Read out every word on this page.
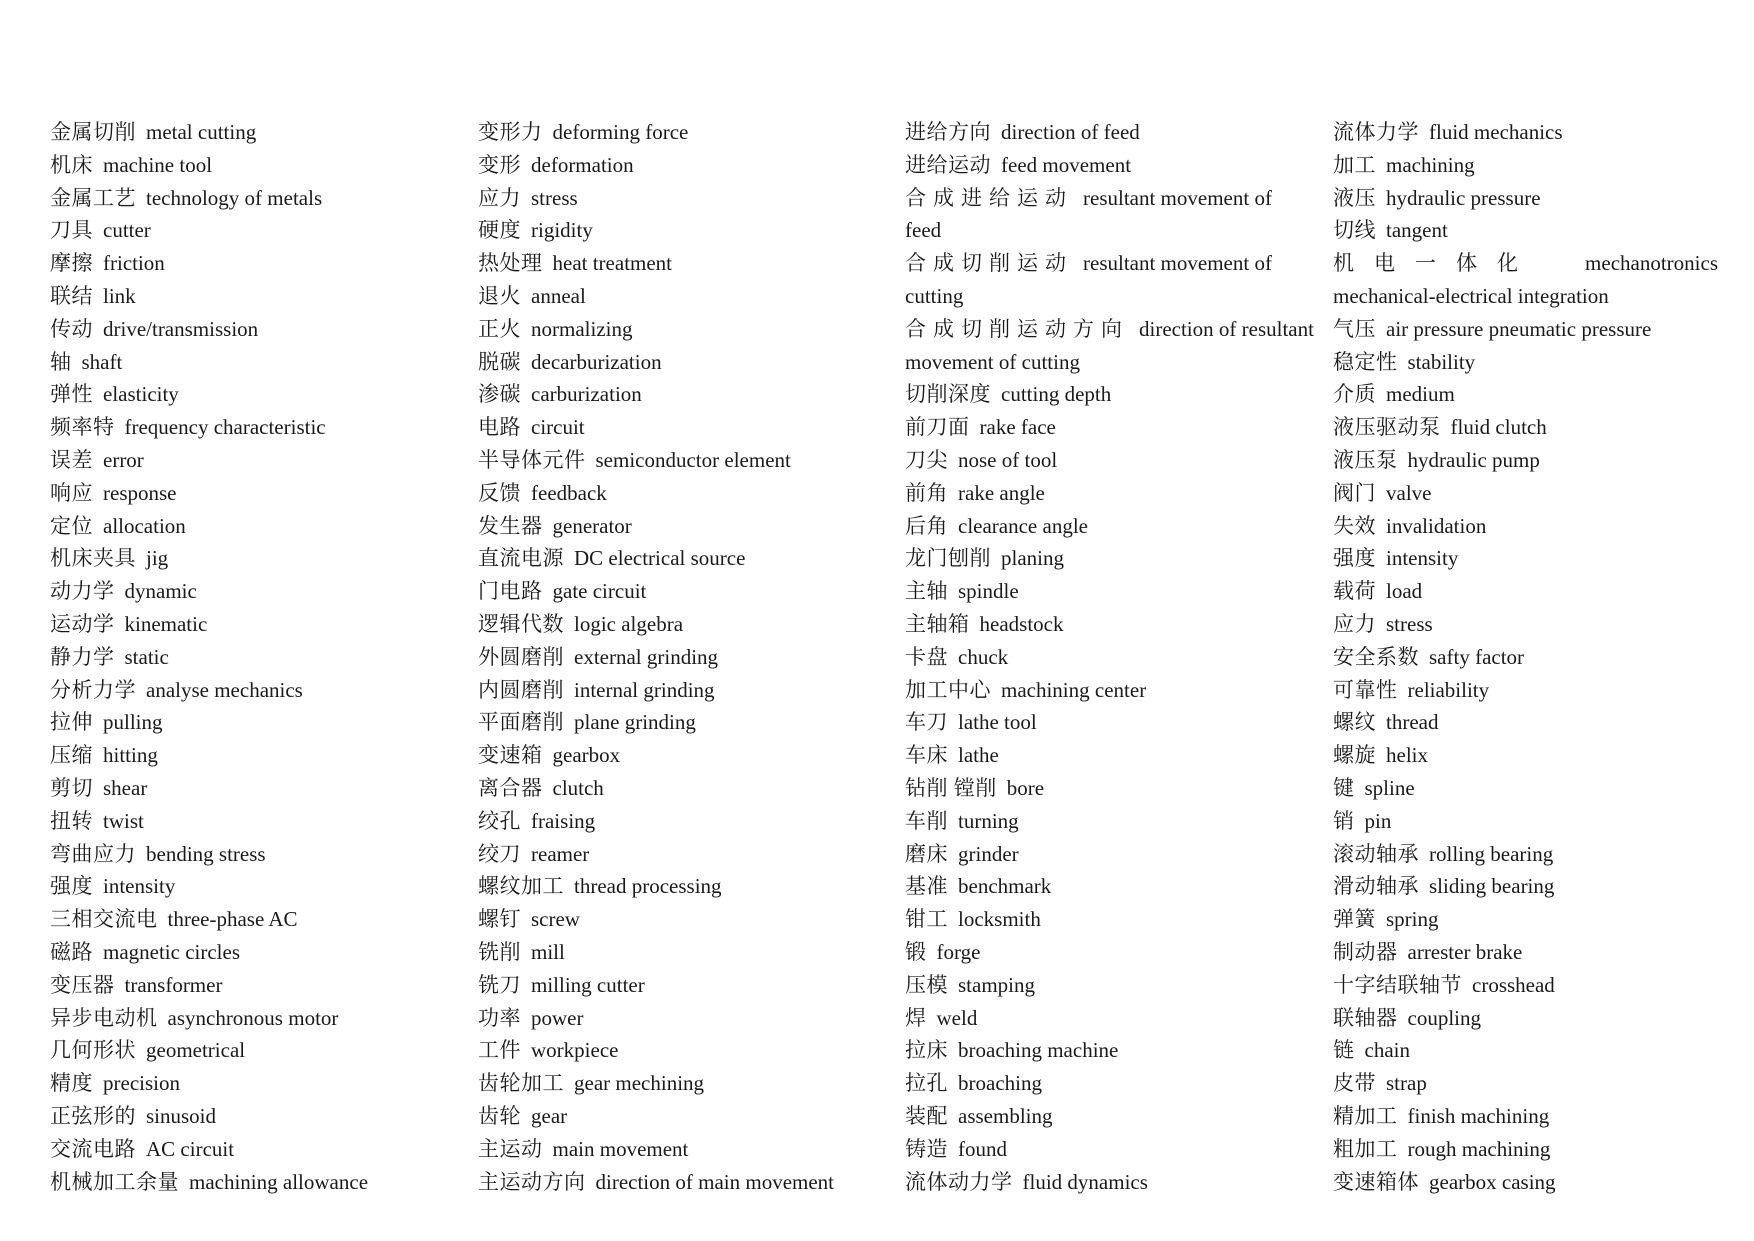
金属切削 metal cutting
机床 machine tool
金属工艺 technology of metals
刀具 cutter
摩擦 friction
联结 link
传动 drive/transmission
轴 shaft
弹性 elasticity
频率特 frequency characteristic
误差 error
响应 response
定位 allocation
机床夹具 jig
动力学 dynamic
运动学 kinematic
静力学 static
分析力学 analyse mechanics
拉伸 pulling
压缩 hitting
剪切 shear
扭转 twist
弯曲应力 bending stress
强度 intensity
三相交流电 three-phase AC
磁路 magnetic circles
变压器 transformer
异步电动机 asynchronous motor
几何形状 geometrical
精度 precision
正弦形的 sinusoid
交流电路 AC circuit
机械加工余量 machining allowance
变形力 deforming force
变形 deformation
应力 stress
硬度 rigidity
热处理 heat treatment
退火 anneal
正火 normalizing
脱碳 decarburization
渗碳 carburization
电路 circuit
半导体元件 semiconductor element
反馈 feedback
发生器 generator
直流电源 DC electrical source
门电路 gate circuit
逻辑代数 logic algebra
外圆磨削 external grinding
内圆磨削 internal grinding
平面磨削 plane grinding
变速箱 gearbox
离合器 clutch
绞孔 fraising
绞刀 reamer
螺纹加工 thread processing
螺钉 screw
铣削 mill
铣刀 milling cutter
功率 power
工件 workpiece
齿轮加工 gear mechining
齿轮 gear
主运动 main movement
主运动方向 direction of main movement
进给方向 direction of feed
进给运动 feed movement
合成进给运动 resultant movement of
feed
合成切削运动 resultant movement of
cutting
合成切削运动方向 direction of resultant
movement of cutting
切削深度 cutting depth
前刀面 rake face
刀尖 nose of tool
前角 rake angle
后角 clearance angle
龙门刨削 planing
主轴 spindle
主轴箱 headstock
卡盘 chuck
加工中心 machining center
车刀 lathe tool
车床 lathe
钻削 镗削 bore
车削 turning
磨床 grinder
基准 benchmark
钳工 locksmith
锻 forge
压模 stamping
焊 weld
拉床 broaching machine
拉孔 broaching
装配 assembling
铸造 found
流体动力学 fluid dynamics
流体力学 fluid mechanics
加工 machining
液压 hydraulic pressure
切线 tangent
机电一体化 mechanotronics
mechanical-electrical integration
气压 air pressure pneumatic pressure
稳定性 stability
介质 medium
液压驱动泵 fluid clutch
液压泵 hydraulic pump
阀门 valve
失效 invalidation
强度 intensity
载荷 load
应力 stress
安全系数 safty factor
可靠性 reliability
螺纹 thread
螺旋 helix
键 spline
销 pin
滚动轴承 rolling bearing
滑动轴承 sliding bearing
弹簧 spring
制动器 arrester brake
十字结联轴节 crosshead
联轴器 coupling
链 chain
皮带 strap
精加工 finish machining
粗加工 rough machining
变速箱体 gearbox casing
